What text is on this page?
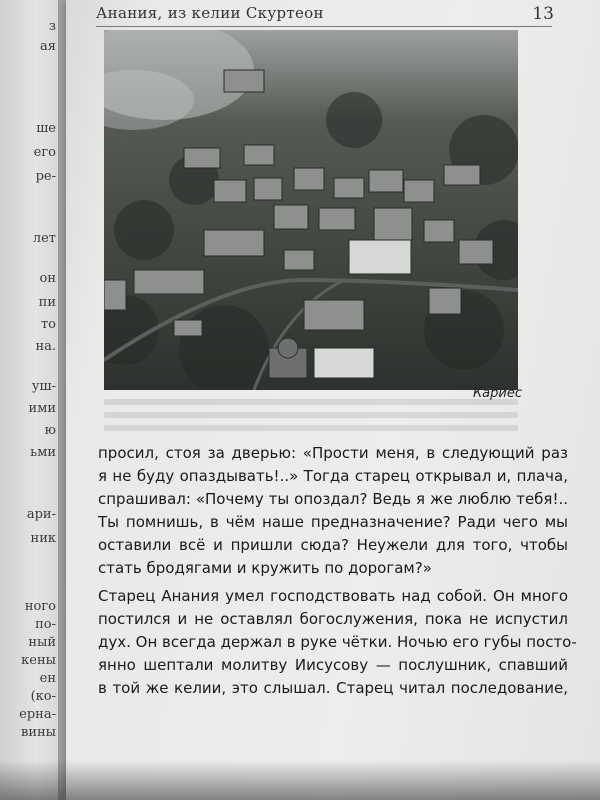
з
ая
ше
его
ре-
лет
он
пи
то
на.
уш-
ими
ю
ьми
ари-
ник
ного
по-
ный
кены
ен
(ко-
ерна-
вины
Анания, из келии Скуртеон	13
Кариес
просил, стоя за дверью: «Прости меня, в следующий раз
я не буду опаздывать!..» Тогда старец открывал и, плача,
спрашивал: «Почему ты опоздал? Ведь я же люблю тебя!..
Ты помнишь, в чём наше предназначение? Ради чего мы
оставили всё и пришли сюда? Неужели для того, чтобы
стать бродягами и кружить по дорогам?»
Старец Анания умел господствовать над собой. Он много
постился и не оставлял богослужения, пока не испустил
дух. Он всегда держал в руке чётки. Ночью его губы посто-
янно шептали молитву Иисусову — послушник, спавший
в той же келии, это слышал. Старец читал последование,
